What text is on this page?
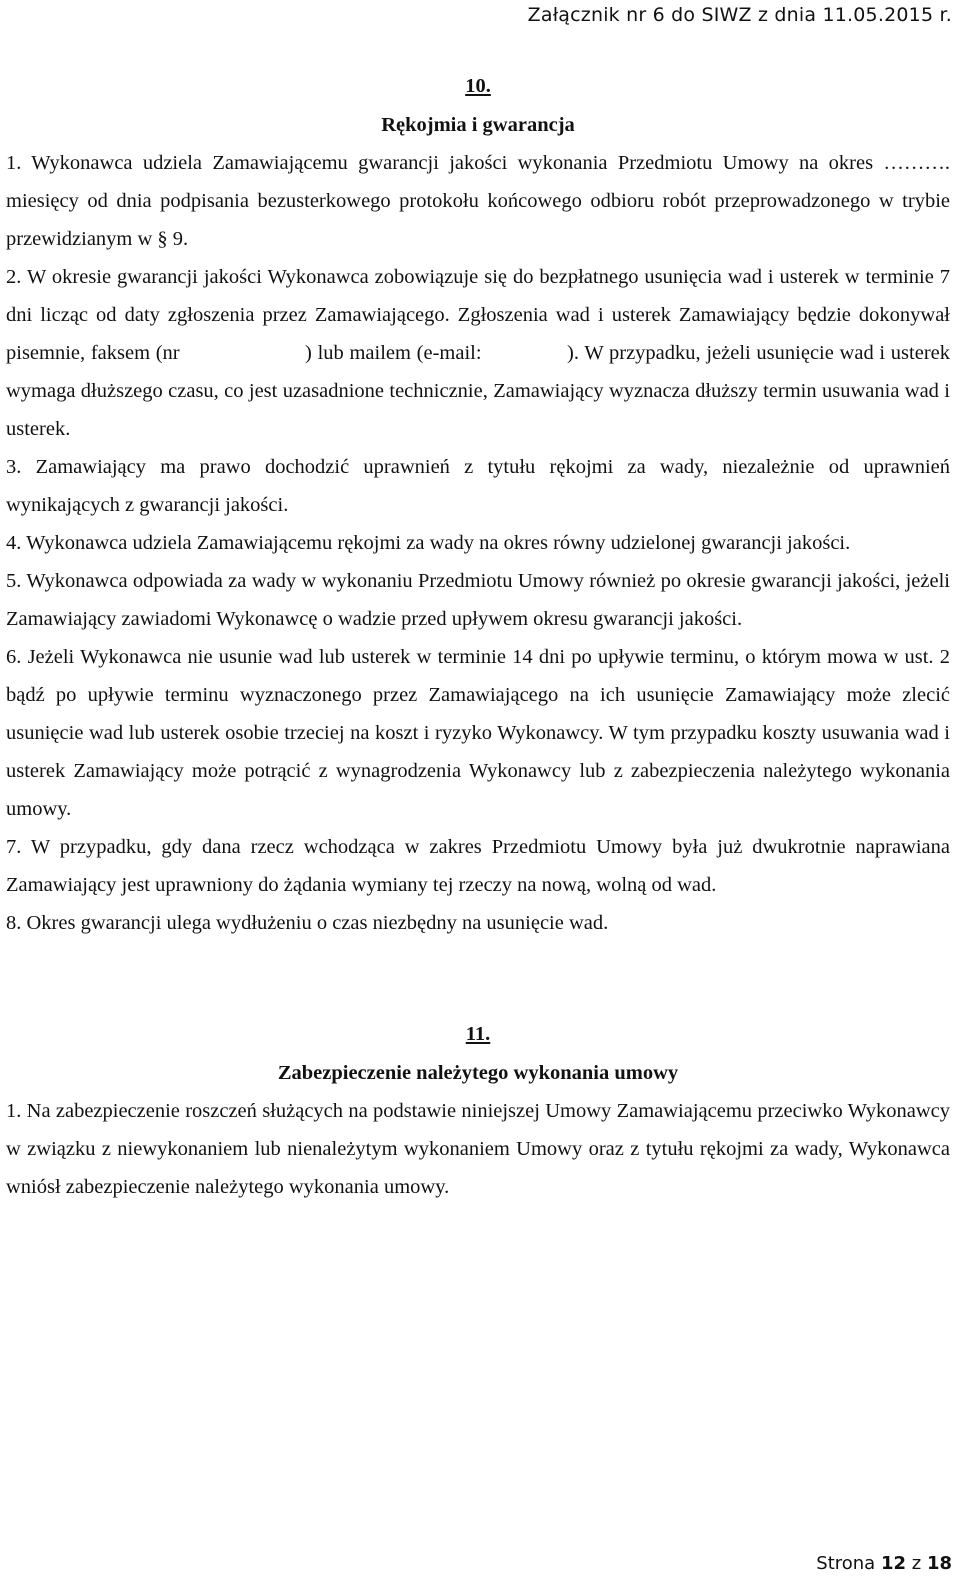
Załącznik nr 6 do SIWZ z dnia 11.05.2015 r.
10.
Rękojmia i gwarancja

1. Wykonawca udziela Zamawiającemu gwarancji jakości wykonania Przedmiotu Umowy na okres ………. miesięcy od dnia podpisania bezusterkowego protokołu końcowego odbioru robót przeprowadzonego w trybie przewidzianym w § 9.

2. W okresie gwarancji jakości Wykonawca zobowiązuje się do bezpłatnego usunięcia wad i usterek w terminie 7 dni licząc od daty zgłoszenia przez Zamawiającego. Zgłoszenia wad i usterek Zamawiający będzie dokonywał pisemnie, faksem (nr                      ) lub mailem (e-mail:               ). W przypadku, jeżeli usunięcie wad i usterek wymaga dłuższego czasu, co jest uzasadnione technicznie, Zamawiający wyznacza dłuższy termin usuwania wad i usterek.

3. Zamawiający ma prawo dochodzić uprawnień z tytułu rękojmi za wady, niezależnie od uprawnień wynikających z gwarancji jakości.

4. Wykonawca udziela Zamawiającemu rękojmi za wady na okres równy udzielonej gwarancji jakości.

5. Wykonawca odpowiada za wady w wykonaniu Przedmiotu Umowy również po okresie gwarancji jakości, jeżeli Zamawiający zawiadomi Wykonawcę o wadzie przed upływem okresu gwarancji jakości.

6. Jeżeli Wykonawca nie usunie wad lub usterek w terminie 14 dni po upływie terminu, o którym mowa w ust. 2 bądź po upływie terminu wyznaczonego przez Zamawiającego na ich usunięcie Zamawiający może zlecić usunięcie wad lub usterek osobie trzeciej na koszt i ryzyko Wykonawcy. W tym przypadku koszty usuwania wad i usterek Zamawiający może potrącić z wynagrodzenia Wykonawcy lub z zabezpieczenia należytego wykonania umowy.

7. W przypadku, gdy dana rzecz wchodząca w zakres Przedmiotu Umowy była już dwukrotnie naprawiana Zamawiający jest uprawniony do żądania wymiany tej rzeczy na nową, wolną od wad.

8. Okres gwarancji ulega wydłużeniu o czas niezbędny na usunięcie wad.

11.
Zabezpieczenie należytego wykonania umowy

1. Na zabezpieczenie roszczeń służących na podstawie niniejszej Umowy Zamawiającemu przeciwko Wykonawcy w związku z niewykonaniem lub nienależytym wykonaniem Umowy oraz z tytułu rękojmi za wady, Wykonawca wniósł zabezpieczenie należytego wykonania umowy.

Strona 12 z 18
